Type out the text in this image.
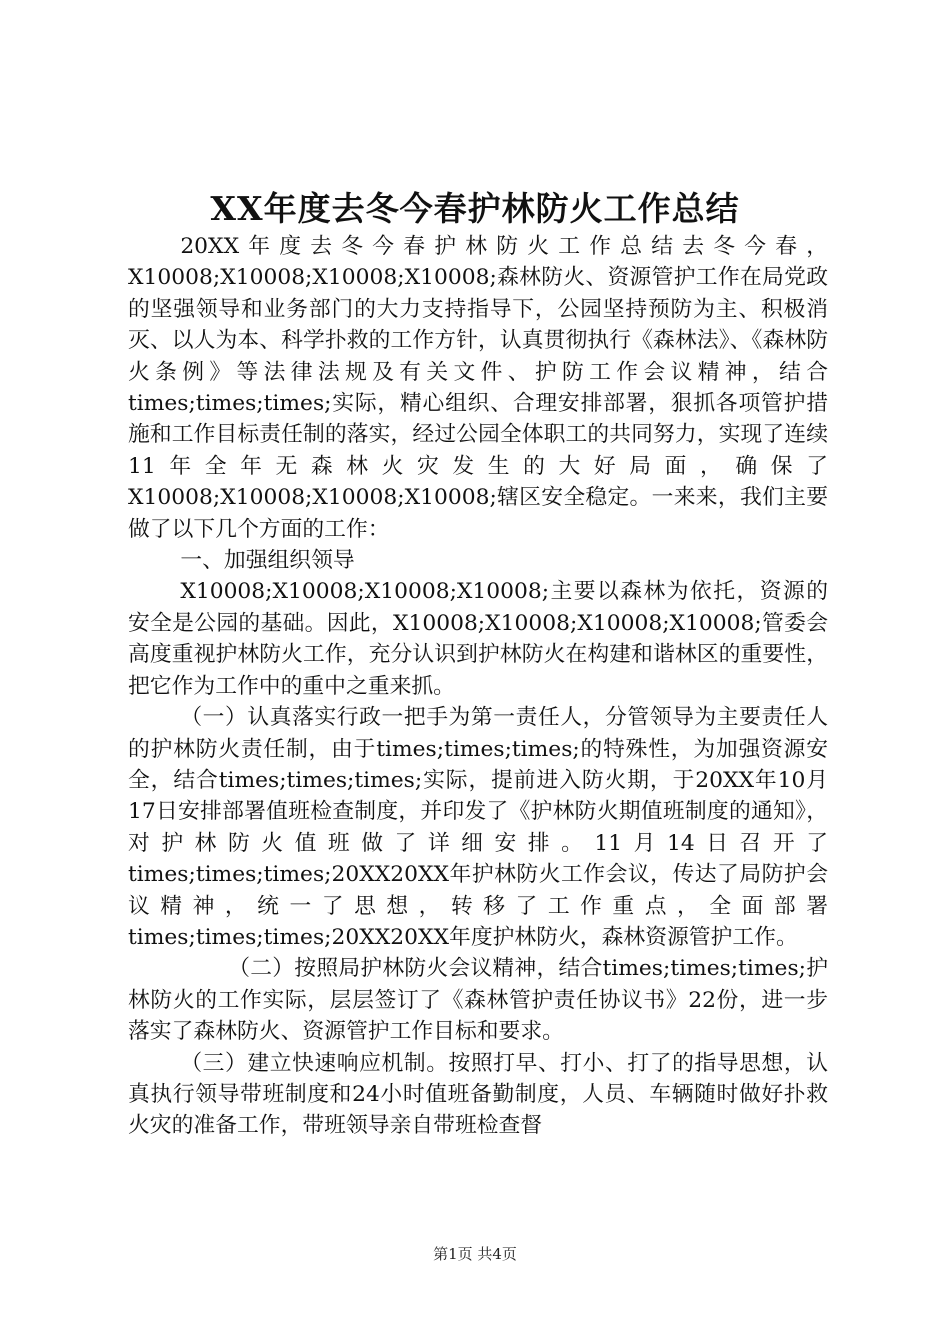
XX年度去冬今春护林防火工作总结

20XX年度去冬今春护林防火工作总结去冬今春，X10008;X10008;X10008;X10008;森林防火、资源管护工作在局党政的坚强领导和业务部门的大力支持指导下，公园坚持预防为主、积极消灭、以人为本、科学扑救的工作方针，认真贯彻执行《森林法》、《森林防火条例》等法律法规及有关文件、护防工作会议精神，结合times;times;times;实际，精心组织、合理安排部署，狠抓各项管护措施和工作目标责任制的落实，经过公园全体职工的共同努力，实现了连续11年全年无森林火灾发生的大好局面，确保了X10008;X10008;X10008;X10008;辖区安全稳定。一来来，我们主要做了以下几个方面的工作：

一、加强组织领导

X10008;X10008;X10008;X10008;主要以森林为依托，资源的安全是公园的基础。因此，X10008;X10008;X10008;X10008;管委会高度重视护林防火工作，充分认识到护林防火在构建和谐林区的重要性，把它作为工作中的重中之重来抓。

（一）认真落实行政一把手为第一责任人，分管领导为主要责任人的护林防火责任制，由于times;times;times;的特殊性，为加强资源安全，结合times;times;times;实际，提前进入防火期，于20XX年10月17日安排部署值班检查制度，并印发了《护林防火期值班制度的通知》，对护林防火值班做了详细安排。11月14日召开了times;times;times;20XX20XX年护林防火工作会议，传达了局防护会议精神，统一了思想，转移了工作重点，全面部署times;times;times;20XX20XX年度护林防火，森林资源管护工作。

（二）按照局护林防火会议精神，结合times;times;times;护林防火的工作实际，层层签订了《森林管护责任协议书》22份，进一步落实了森林防火、资源管护工作目标和要求。

（三）建立快速响应机制。按照打早、打小、打了的指导思想，认真执行领导带班制度和24小时值班备勤制度，人员、车辆随时做好扑救火灾的准备工作，带班领导亲自带班检查督

第1页 共4页
